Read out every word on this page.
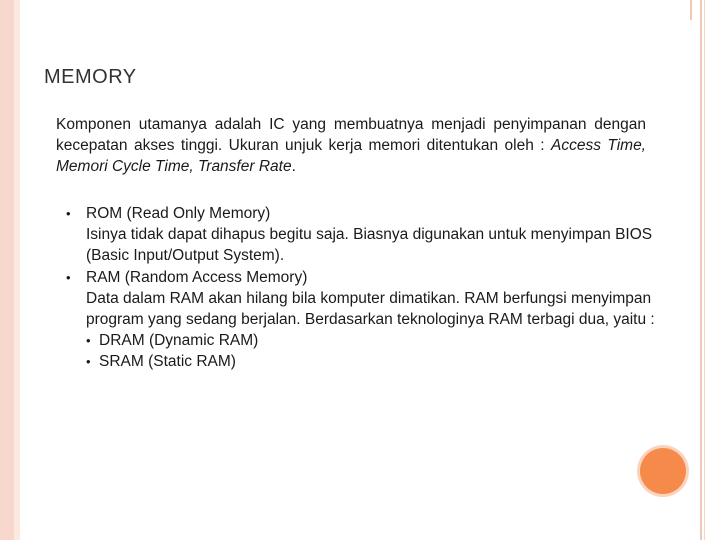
MEMORY
Komponen utamanya adalah IC yang membuatnya menjadi penyimpanan dengan kecepatan akses tinggi. Ukuran unjuk kerja memori ditentukan oleh : Access Time, Memori Cycle Time, Transfer Rate.
• ROM (Read Only Memory)
Isinya tidak dapat dihapus begitu saja. Biasnya digunakan untuk menyimpan BIOS (Basic Input/Output System).
• RAM (Random Access Memory)
Data dalam RAM akan hilang bila komputer dimatikan. RAM berfungsi menyimpan program yang sedang berjalan. Berdasarkan teknologinya RAM terbagi dua, yaitu :
• DRAM (Dynamic RAM)
• SRAM (Static RAM)
